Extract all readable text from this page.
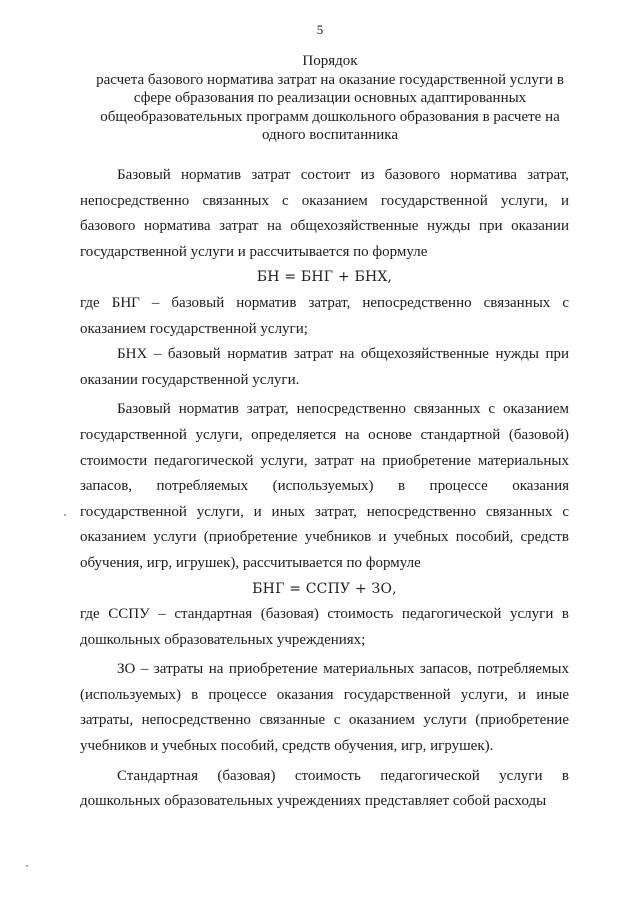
5

Порядок

расчета базового норматива затрат на оказание государственной услуги в сфере образования по реализации основных адаптированных общеобразовательных программ дошкольного образования в расчете на одного воспитанника

Базовый норматив затрат состоит из базового норматива затрат, непосредственно связанных с оказанием государственной услуги, и базового норматива затрат на общехозяйственные нужды при оказании государственной услуги и рассчитывается по формуле

БН = БНГ + БНХ,

где БНГ – базовый норматив затрат, непосредственно связанных с оказанием государственной услуги;

БНХ – базовый норматив затрат на общехозяйственные нужды при оказании государственной услуги.

Базовый норматив затрат, непосредственно связанных с оказанием государственной услуги, определяется на основе стандартной (базовой) стоимости педагогической услуги, затрат на приобретение материальных запасов, потребляемых (используемых) в процессе оказания государственной услуги, и иных затрат, непосредственно связанных с оказанием услуги (приобретение учебников и учебных пособий, средств обучения, игр, игрушек), рассчитывается по формуле

БНГ = ССПУ + ЗО,

где ССПУ – стандартная (базовая) стоимость педагогической услуги в дошкольных образовательных учреждениях;

ЗО – затраты на приобретение материальных запасов, потребляемых (используемых) в процессе оказания государственной услуги, и иные затраты, непосредственно связанные с оказанием услуги (приобретение учебников и учебных пособий, средств обучения, игр, игрушек).

Стандартная (базовая) стоимость педагогической услуги в дошкольных образовательных учреждениях представляет собой расходы
